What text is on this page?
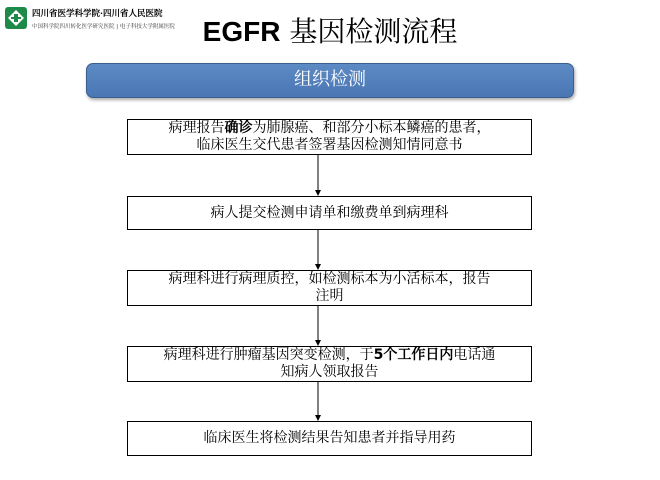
四川省医学科学院·四川省人民医院
中国科学院四川转化医学研究医院 | 电子科技大学附属医院 EGFR 基因检测流程
组织检测
病理报告确诊为肺腺癌、和部分小标本鳞癌的患者，
临床医生交代患者签署基因检测知情同意书
病人提交检测申请单和缴费单到病理科
病理科进行病理质控，如检测标本为小活标本，报告
注明
病理科进行肿瘤基因突变检测，于5个工作日内电话通
知病人领取报告
临床医生将检测结果告知患者并指导用药
